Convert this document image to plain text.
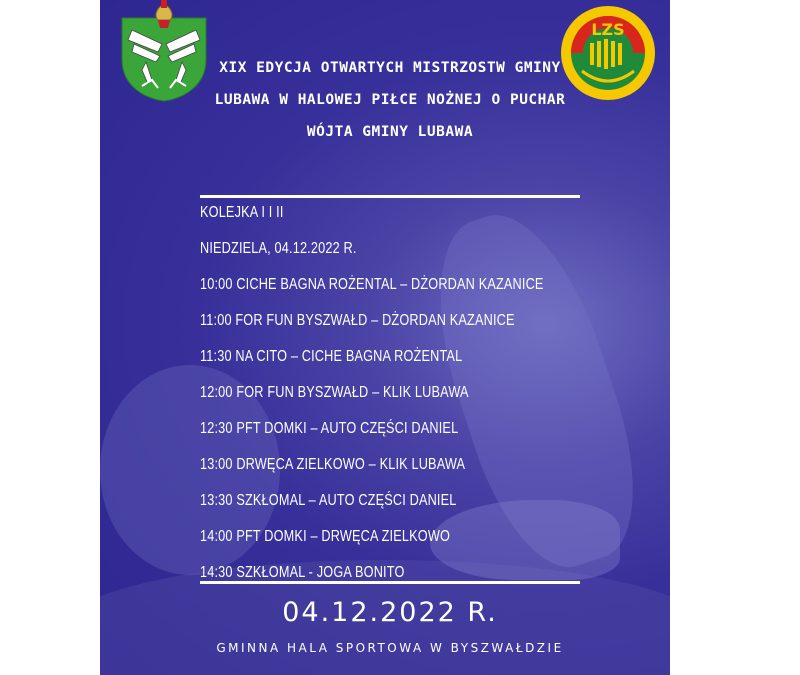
LZS
XIX EDYCJA OTWARTYCH MISTRZOSTW GMINY
LUBAWA W HALOWEJ PIŁCE NOŻNEJ O PUCHAR
WÓJTA GMINY LUBAWA
KOLEJKA I I II
NIEDZIELA, 04.12.2022 R.
10:00 CICHE BAGNA ROŻENTAL – DŻORDAN KAZANICE
11:00 FOR FUN BYSZWAŁD – DŻORDAN KAZANICE
11:30 NA CITO – CICHE BAGNA ROŻENTAL
12:00 FOR FUN BYSZWAŁD – KLIK LUBAWA
12:30 PFT DOMKI – AUTO CZĘŚCI DANIEL
13:00 DRWĘCA ZIELKOWO – KLIK LUBAWA
13:30 SZKŁOMAL – AUTO CZĘŚCI DANIEL
14:00 PFT DOMKI – DRWĘCA ZIELKOWO
14:30 SZKŁOMAL - JOGA BONITO
04.12.2022 R.
GMINNA HALA SPORTOWA W BYSZWAŁDZIE
